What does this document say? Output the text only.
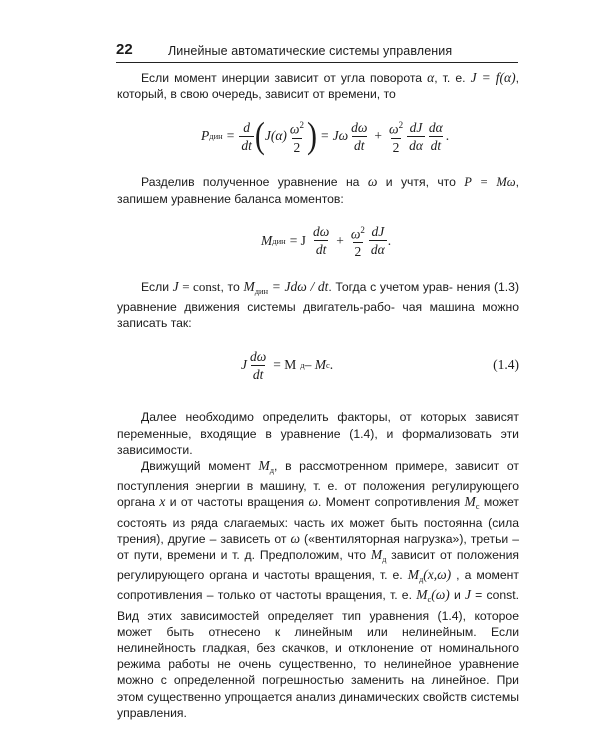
22	Линейные автоматические системы управления

Если момент инерции зависит от угла поворота α, т. е. J = f(α), который, в свою очередь, зависит от времени, то

P дин = $\frac{d}{dt}$ ( $J(\alpha) \frac{\omega^2}{2}$ ) = Jω $\frac{d\omega}{dt} + \frac{\omega^2}{2} \frac{dJ}{d\alpha} \frac{d\alpha}{dt}$ .

Разделив полученное уравнение на ω и учтя, что P = Mω, запишем уравнение баланса моментов:

M дин = J $\frac{d\omega}{dt} + \frac{\omega^2}{2} \frac{dJ}{d\alpha}$ .

Если J = const, то $M_{дин} = Jd\omega$ / dt. Тогда с учетом урав- нения (1.3) уравнение движения системы двигатель-рабо- чая машина можно записать так:

J $\frac{d\omega}{dt} = M$ д – M с .	(1.4)

Далее необходимо определить факторы, от которых зависят переменные, входящие в уравнение (1.4), и формализовать эти зависимости.

Движущий момент $M_д$, в рассмотренном примере, зависит от поступления энергии в машину, т. е. от положения регулирующего органа x и от частоты вращения ω. Момент сопротивления $M_с$ может состоять из ряда слагаемых: часть их может быть постоянна (сила трения), другие – зависеть от ω («вентиляторная нагрузка»), третьи – от пути, времени и т. д. Предположим, что $M_д$ зависит от положения регулирующего органа и частоты вращения, т. е. $M_д(x,\omega)$ , а момент сопротивления – только от частоты вращения, т. е. $M_с(\omega)$ и J = const. Вид этих зависимостей определяет тип уравнения (1.4), которое может быть отнесено к линейным или нелинейным. Если нелинейность гладкая, без скачков, и отклонение от номинального режима работы не очень существенно, то нелинейное уравнение можно с определенной погрешностью заменить на линейное. При этом существенно упрощается анализ динамических свойств системы управления.
